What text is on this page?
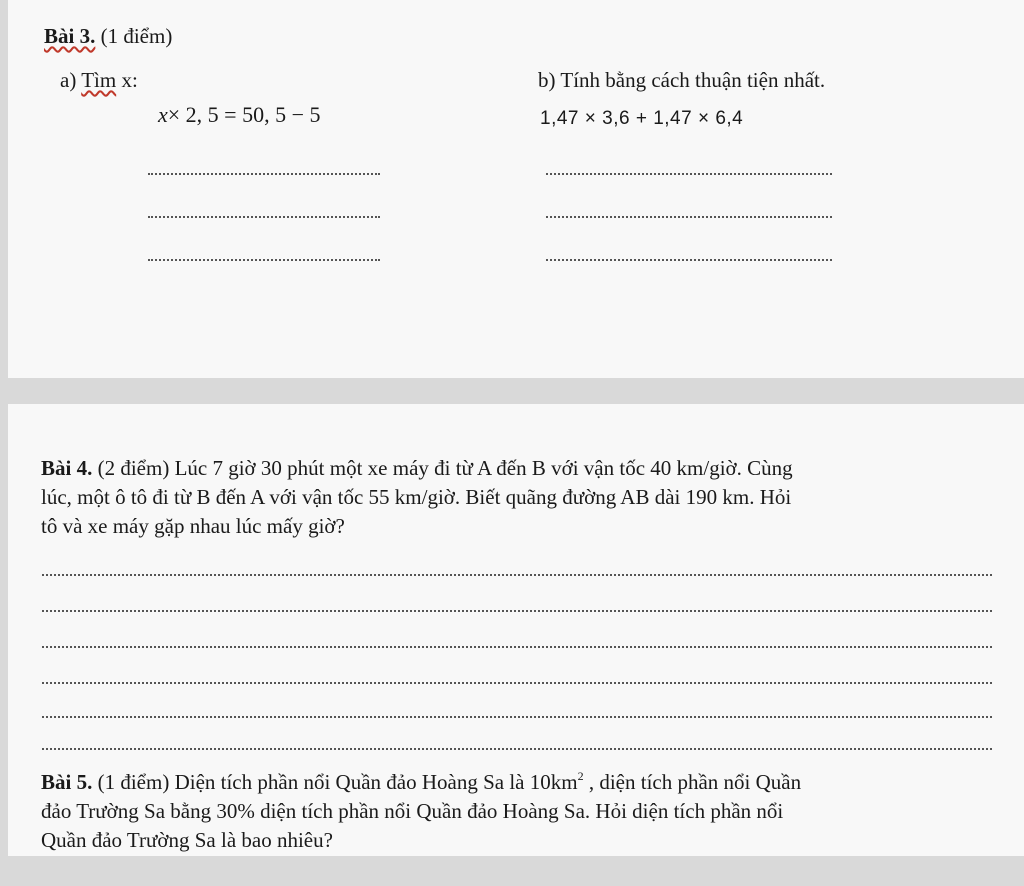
Bài 3. (1 điểm)
a) Tìm x:
x× 2, 5 = 50, 5 − 5
b) Tính bằng cách thuận tiện nhất.
1,47 × 3,6 + 1,47 × 6,4
Bài 4. (2 điểm) Lúc 7 giờ 30 phút một xe máy đi từ A đến B với vận tốc 40 km/giờ. Cùng
lúc, một ô tô đi từ B đến A với vận tốc 55 km/giờ. Biết quãng đường AB dài 190 km. Hỏi
tô và xe máy gặp nhau lúc mấy giờ?
Bài 5. (1 điểm) Diện tích phần nổi Quần đảo Hoàng Sa là $10km^2$ , diện tích phần nổi Quần
đảo Trường Sa bằng 30% diện tích phần nổi Quần đảo Hoàng Sa. Hỏi diện tích phần nổi
Quần đảo Trường Sa là bao nhiêu?
